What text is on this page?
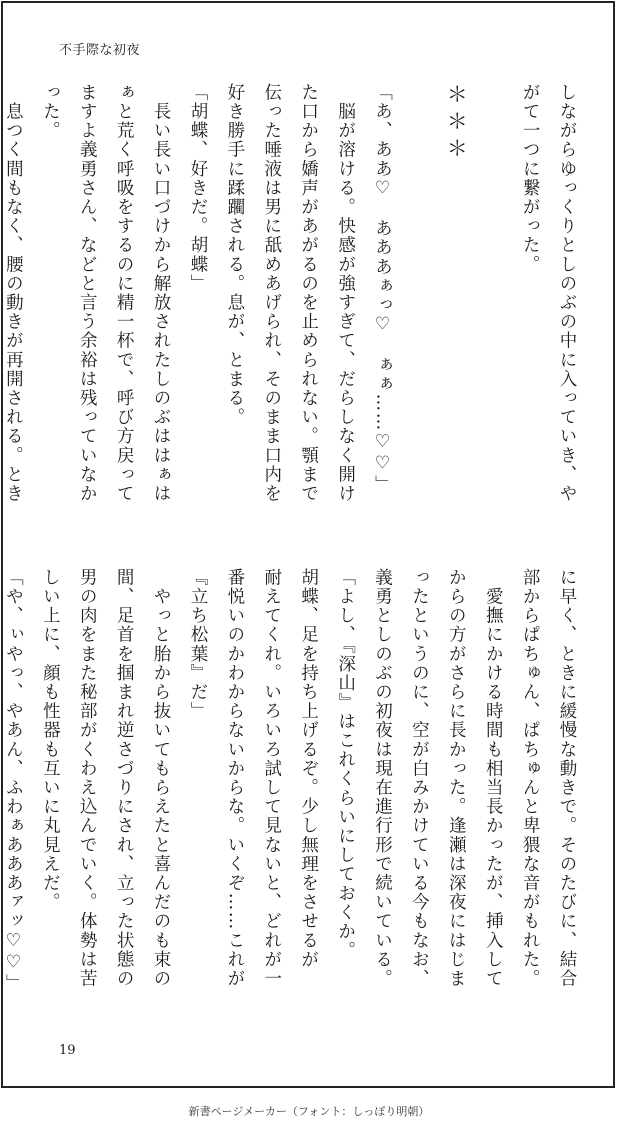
不手際な初夜
しながらゆっくりとしのぶの中に入っていき、や
がて一つに繋がった。

＊＊＊

「あ、ああ♡　あああぁっ♡　ぁぁ……♡♡」
　脳が溶ける。快感が強すぎて、だらしなく開け
た口から嬌声があがるのを止められない。顎まで
伝った唾液は男に舐めあげられ、そのまま口内を
好き勝手に蹂躙される。息が、とまる。
「胡蝶、好きだ。胡蝶」
　長い長い口づけから解放されたしのぶははぁは
ぁと荒く呼吸をするのに精一杯で、呼び方戻って
ますよ義勇さん、などと言う余裕は残っていなか
った。
　息つく間もなく、腰の動きが再開される。とき
に早く、ときに緩慢な動きで。そのたびに、結合
部からぱちゅん、ぱちゅんと卑猥な音がもれた。
　愛撫にかける時間も相当長かったが、挿入して
からの方がさらに長かった。逢瀬は深夜にはじま
ったというのに、空が白みかけている今もなお、
義勇としのぶの初夜は現在進行形で続いている。
「よし、『深山』はこれくらいにしておくか。
胡蝶、足を持ち上げるぞ。少し無理をさせるが
耐えてくれ。いろいろ試して見ないと、どれが一
番悦いのかわからないからな。いくぞ……これが
『立ち松葉』だ」
　やっと胎から抜いてもらえたと喜んだのも束の
間、足首を掴まれ逆さづりにされ、立った状態の
男の肉をまた秘部がくわえ込んでいく。体勢は苦
しい上に、顔も性器も互いに丸見えだ。
「や、ぃやっ、やあん、ふわぁあああァッ♡♡」
19
新書ページメーカー（フォント：しっぽり明朝）
